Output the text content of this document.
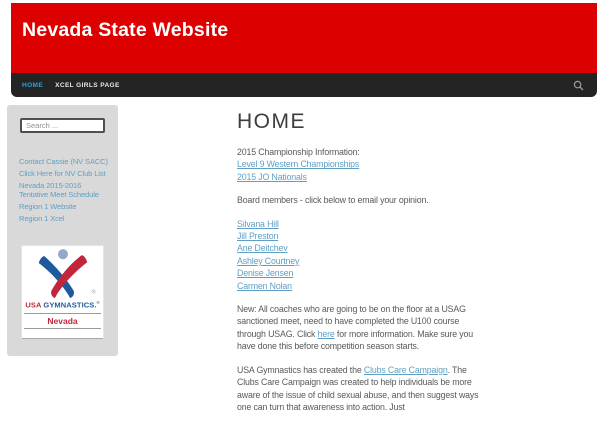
Nevada State Website
HOME XCEL GIRLS PAGE
Search ...
Contact Cassie (NV SACC)
Click Here for NV Club List
Nevada 2015-2016 Tentative Meet Schedule
Region 1 Website
Region 1 Xcel
®
USA GYMNASTICS.®
Nevada
HOME

2015 Championship Information:
Level 9 Western Championships
2015 JO Nationals

Board members - click below to email your opinion.

Silvana Hill
Jill Preston
Ane Deitchev
Ashley Courtney
Denise Jensen
Carmen Nolan

New: All coaches who are going to be on the floor at a USAG sanctioned meet, need to have completed the U100 course through USAG. Click here for more information. Make sure you have done this before competition season starts.

USA Gymnastics has created the Clubs Care Campaign. The Clubs Care Campaign was created to help individuals be more aware of the issue of child sexual abuse, and then suggest ways one can turn that awareness into action. Just
